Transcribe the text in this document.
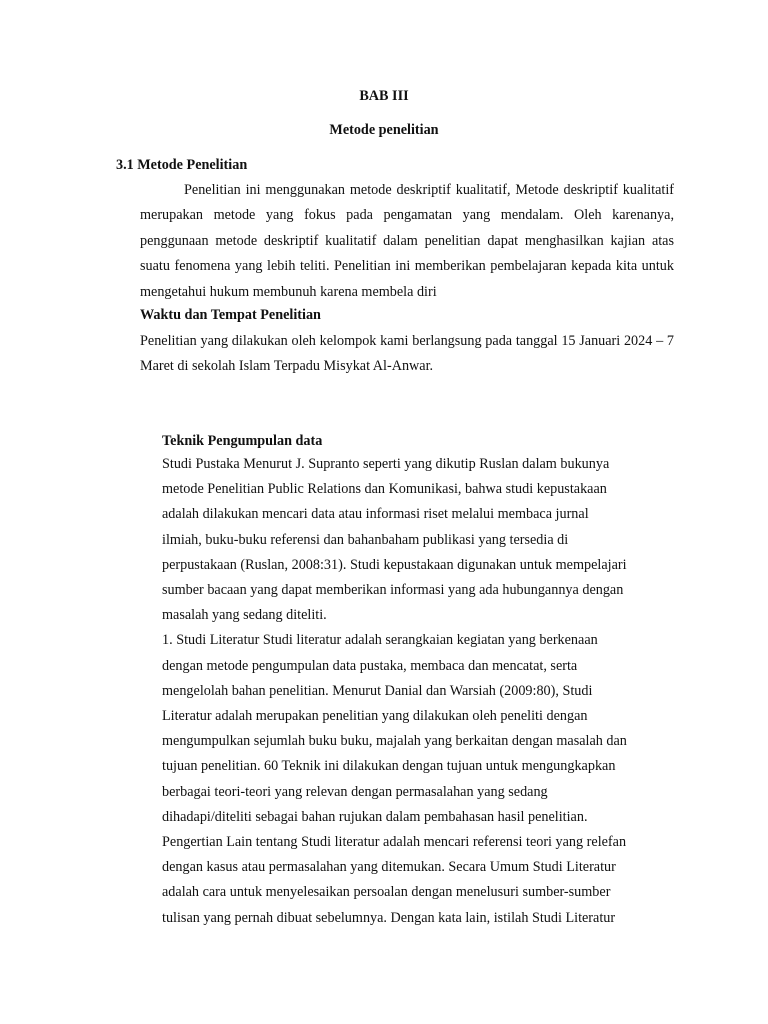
BAB III
Metode penelitian
3.1 Metode Penelitian
Penelitian ini menggunakan metode deskriptif kualitatif, Metode deskriptif kualitatif merupakan metode yang fokus pada pengamatan yang mendalam. Oleh karenanya, penggunaan metode deskriptif kualitatif dalam penelitian dapat menghasilkan kajian atas suatu fenomena yang lebih teliti. Penelitian ini memberikan pembelajaran kepada kita untuk mengetahui hukum membunuh karena membela diri
Waktu dan Tempat Penelitian
Penelitian yang dilakukan oleh kelompok kami berlangsung pada tanggal 15 Januari 2024 – 7 Maret di sekolah Islam Terpadu Misykat Al-Anwar.
Teknik Pengumpulan data
Studi Pustaka Menurut J. Supranto seperti yang dikutip Ruslan dalam bukunya
metode Penelitian Public Relations dan Komunikasi, bahwa studi kepustakaan
adalah dilakukan mencari data atau informasi riset melalui membaca jurnal
ilmiah, buku-buku referensi dan bahanbaham publikasi yang tersedia di
perpustakaan (Ruslan, 2008:31). Studi kepustakaan digunakan untuk mempelajari
sumber bacaan yang dapat memberikan informasi yang ada hubungannya dengan
masalah yang sedang diteliti.
1. Studi Literatur Studi literatur adalah serangkaian kegiatan yang berkenaan
dengan metode pengumpulan data pustaka, membaca dan mencatat, serta
mengelolah bahan penelitian. Menurut Danial dan Warsiah (2009:80), Studi
Literatur adalah merupakan penelitian yang dilakukan oleh peneliti dengan
mengumpulkan sejumlah buku buku, majalah yang berkaitan dengan masalah dan
tujuan penelitian. 60 Teknik ini dilakukan dengan tujuan untuk mengungkapkan
berbagai teori-teori yang relevan dengan permasalahan yang sedang
dihadapi/diteliti sebagai bahan rujukan dalam pembahasan hasil penelitian.
Pengertian Lain tentang Studi literatur adalah mencari referensi teori yang relefan
dengan kasus atau permasalahan yang ditemukan. Secara Umum Studi Literatur
adalah cara untuk menyelesaikan persoalan dengan menelusuri sumber-sumber
tulisan yang pernah dibuat sebelumnya. Dengan kata lain, istilah Studi Literatur
